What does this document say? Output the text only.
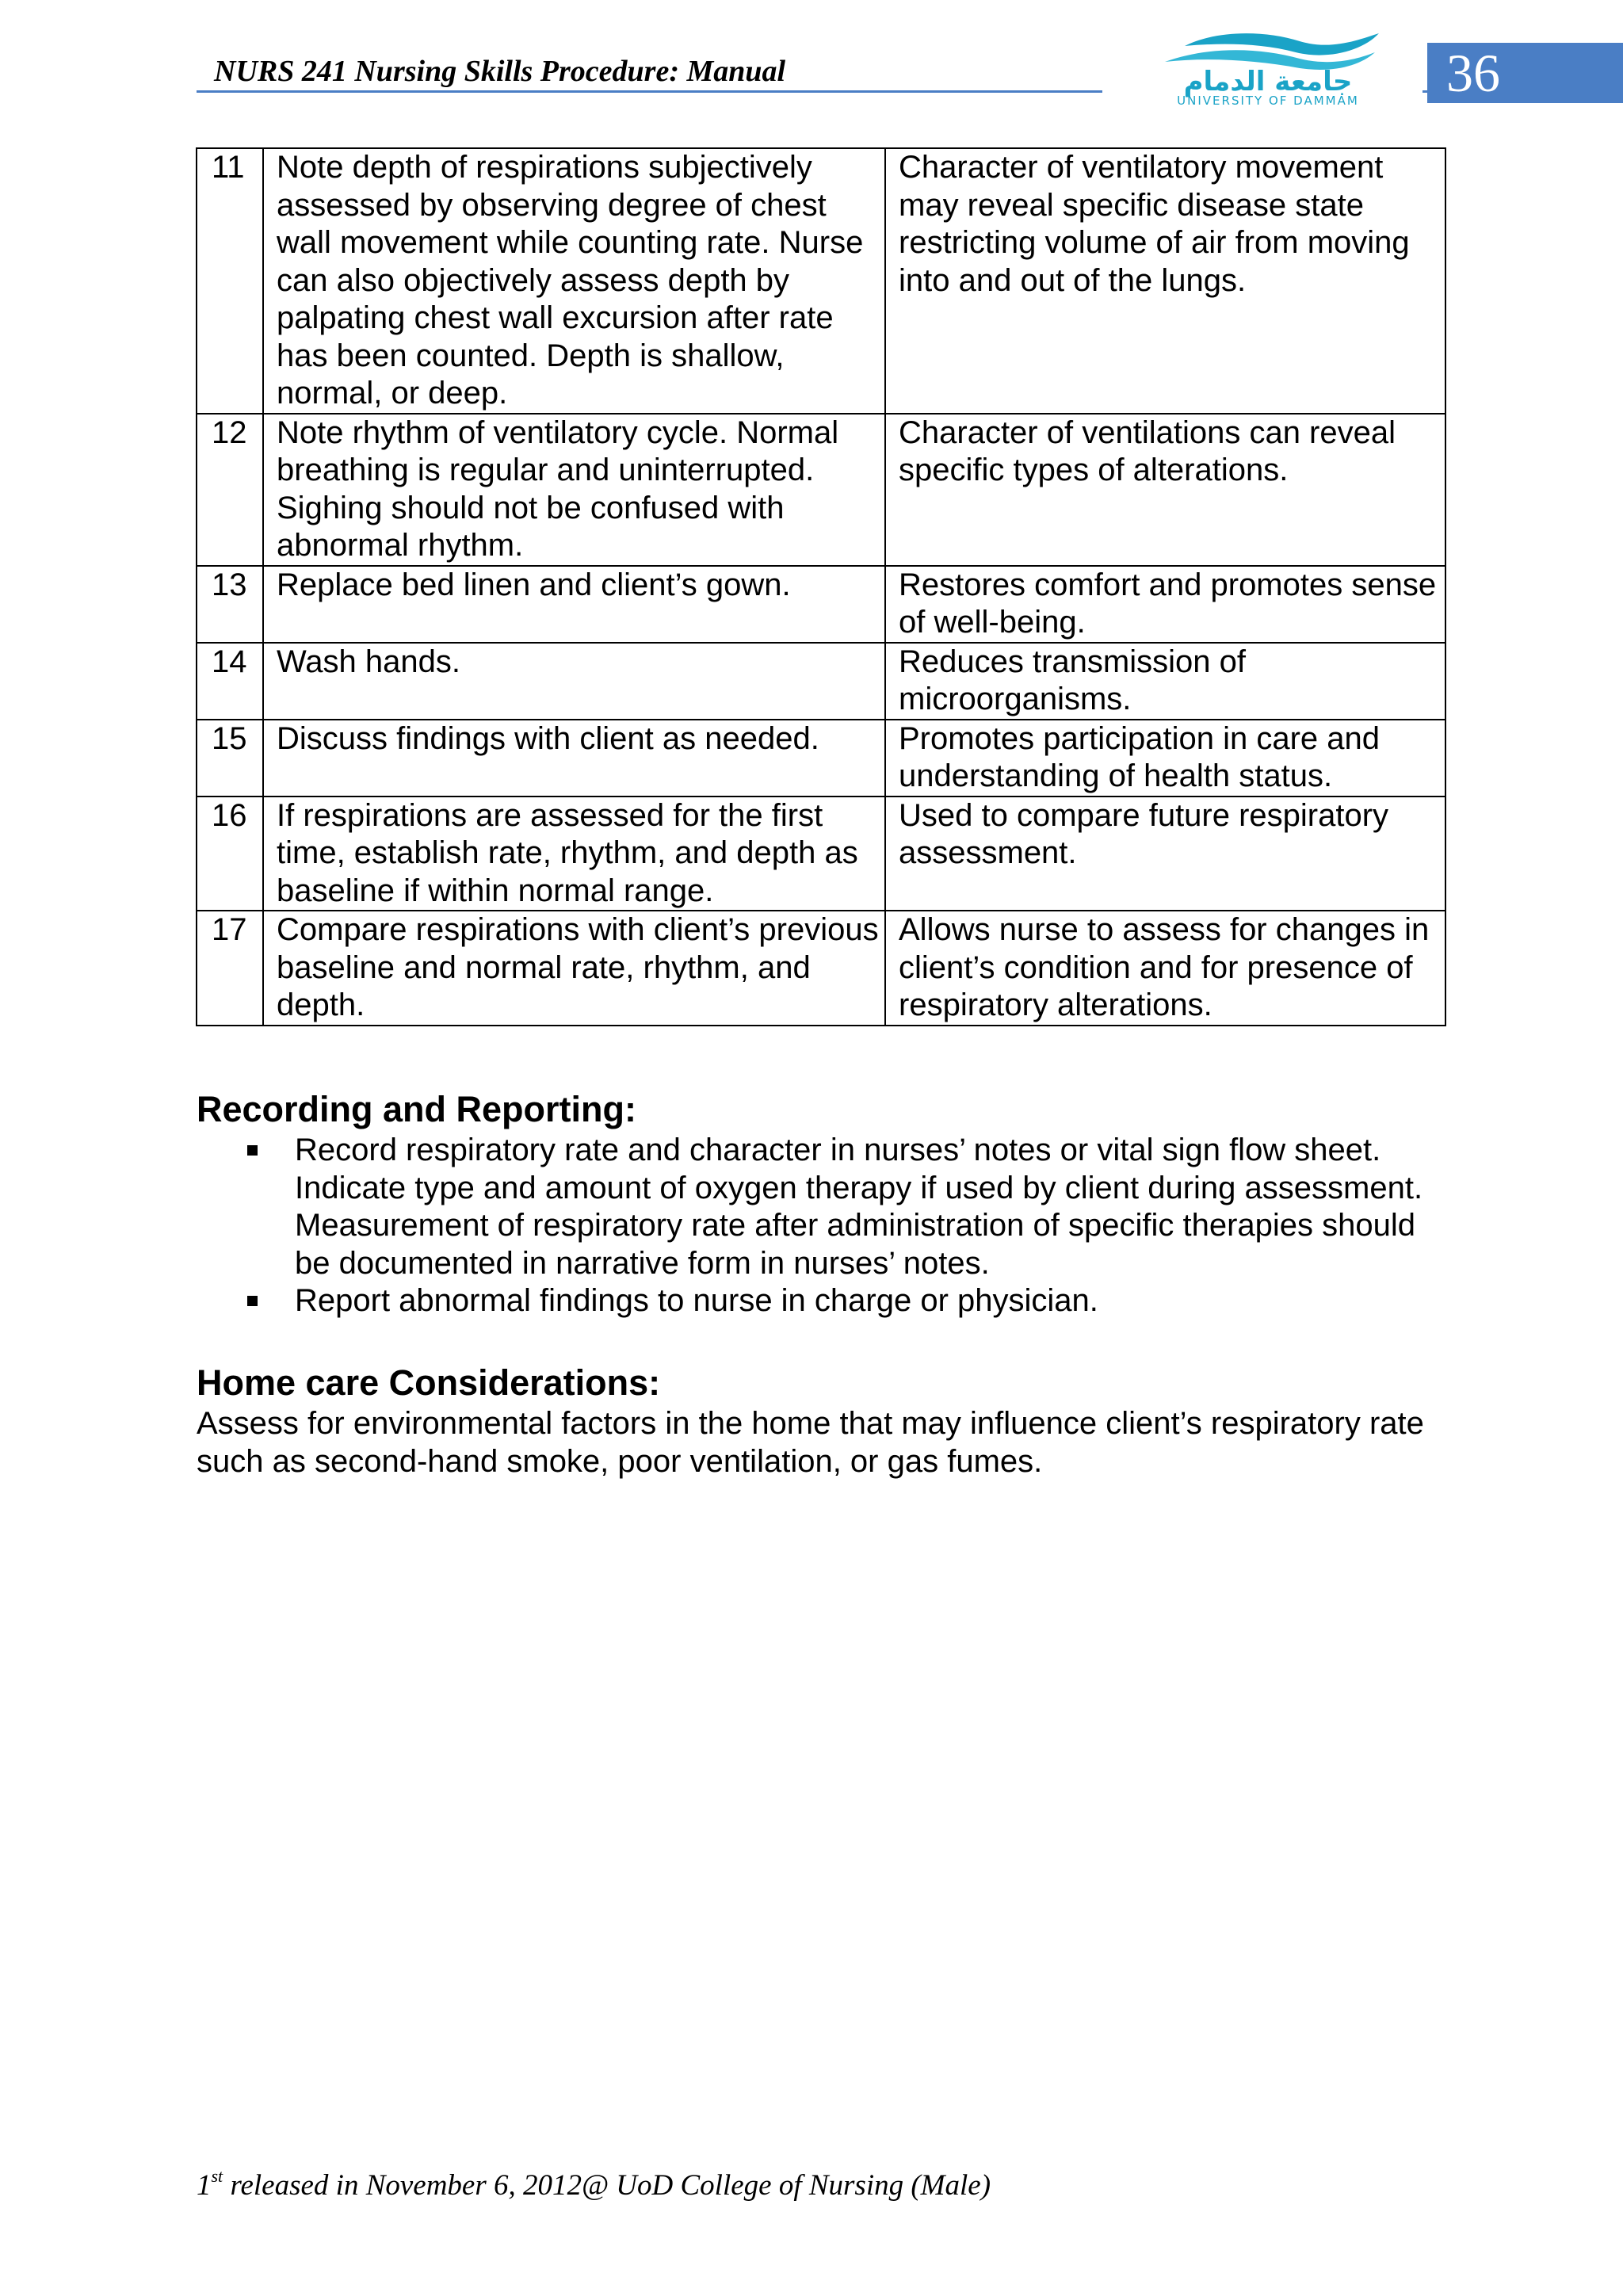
NURS 241 Nursing Skills Procedure: Manual	جامعة الدمام
UNIVERSITY OF DAMMAM 36
11	Note depth of respirations subjectively assessed by observing degree of chest wall movement while counting rate. Nurse can also objectively assess depth by palpating chest wall excursion after rate has been counted. Depth is shallow, normal, or deep.	Character of ventilatory movement may reveal specific disease state restricting volume of air from moving into and out of the lungs.
12	Note rhythm of ventilatory cycle. Normal breathing is regular and uninterrupted. Sighing should not be confused with abnormal rhythm.	Character of ventilations can reveal specific types of alterations.
13	Replace bed linen and client’s gown.	Restores comfort and promotes sense of well-being.
14	Wash hands.	Reduces transmission of microorganisms.
15	Discuss findings with client as needed.	Promotes participation in care and understanding of health status.
16	If respirations are assessed for the first time, establish rate, rhythm, and depth as baseline if within normal range.	Used to compare future respiratory assessment.
17	Compare respirations with client’s previous baseline and normal rate, rhythm, and depth.	Allows nurse to assess for changes in client’s condition and for presence of respiratory alterations.
Recording and Reporting:
Record respiratory rate and character in nurses’ notes or vital sign flow sheet. Indicate type and amount of oxygen therapy if used by client during assessment. Measurement of respiratory rate after administration of specific therapies should be documented in narrative form in nurses’ notes.
Report abnormal findings to nurse in charge or physician.
Home care Considerations:
Assess for environmental factors in the home that may influence client’s respiratory rate such as second-hand smoke, poor ventilation, or gas fumes.
1st released in November 6, 2012@ UoD College of Nursing (Male)
